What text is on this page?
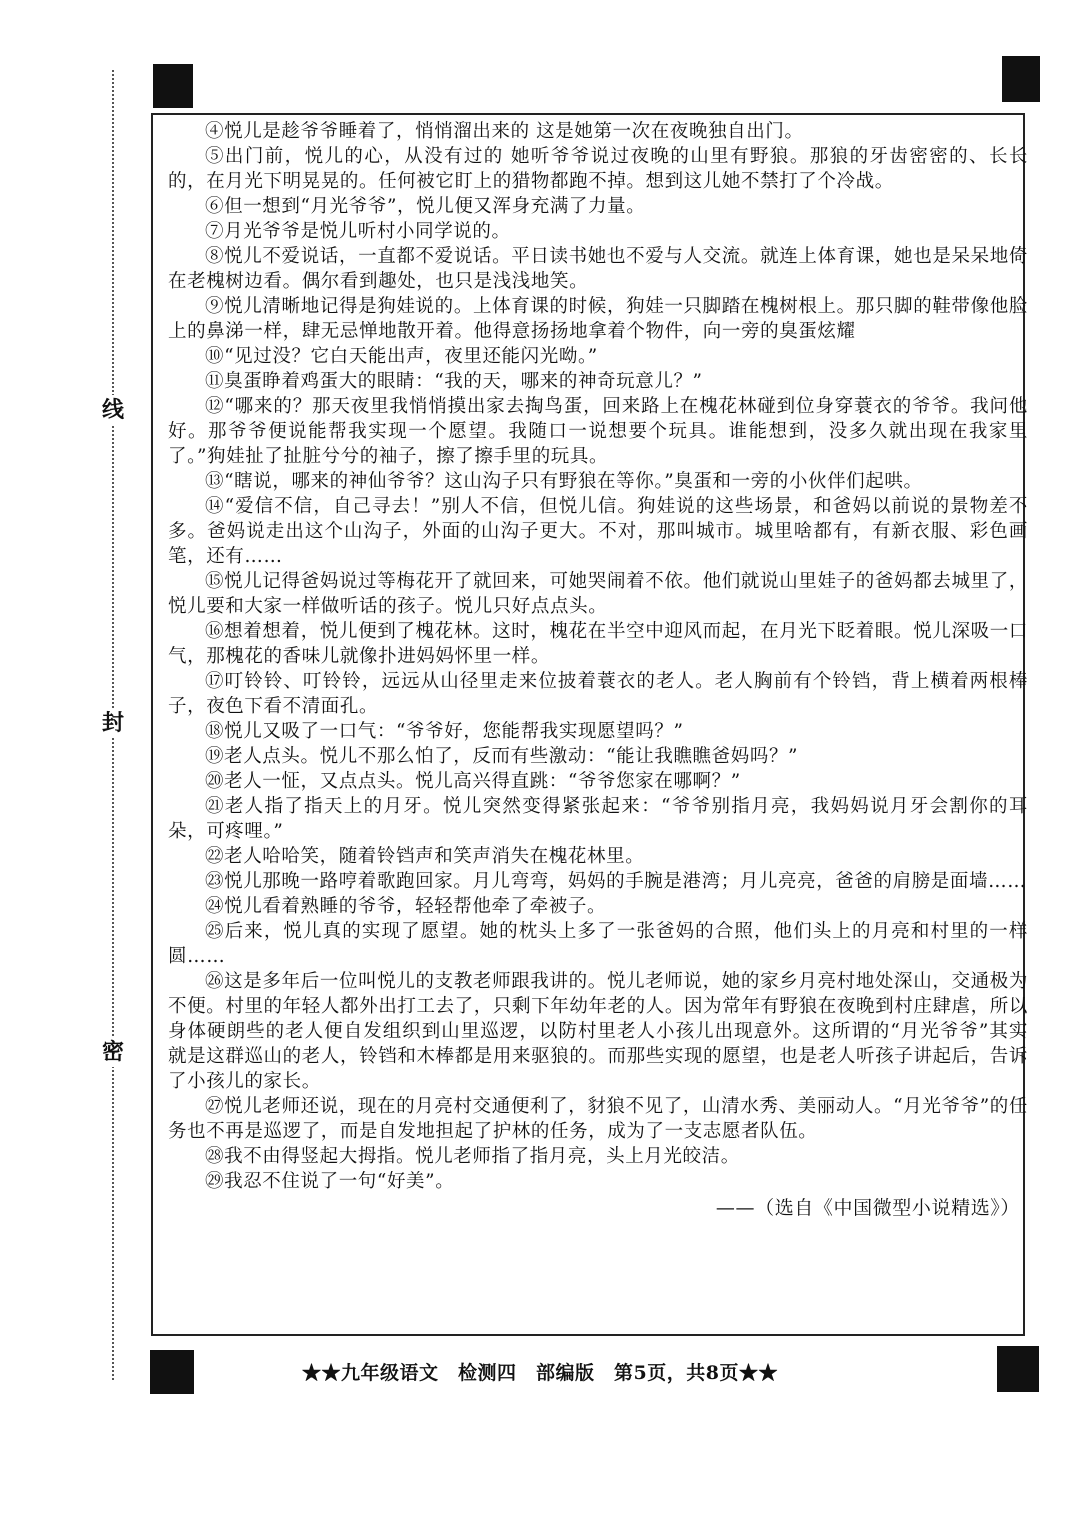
线
封
密

④悦儿是趁爷爷睡着了，悄悄溜出来的 这是她第一次在夜晚独自出门。

⑤出门前，悦儿的心，从没有过的 她听爷爷说过夜晚的山里有野狼。那狼的牙齿密密的、长长的，在月光下明晃晃的。任何被它盯上的猎物都跑不掉。想到这儿她不禁打了个冷战。

⑥但一想到“月光爷爷”，悦儿便又浑身充满了力量。

⑦月光爷爷是悦儿听村小同学说的。

⑧悦儿不爱说话，一直都不爱说话。平日读书她也不爱与人交流。就连上体育课，她也是呆呆地倚在老槐树边看。偶尔看到趣处，也只是浅浅地笑。

⑨悦儿清晰地记得是狗娃说的。上体育课的时候，狗娃一只脚踏在槐树根上。那只脚的鞋带像他脸上的鼻涕一样，肆无忌惮地散开着。他得意扬扬地拿着个物件，向一旁的臭蛋炫耀

⑩“见过没？它白天能出声，夜里还能闪光呦。”

⑪臭蛋睁着鸡蛋大的眼睛：“我的天，哪来的神奇玩意儿？”

⑫“哪来的？那天夜里我悄悄摸出家去掏鸟蛋，回来路上在槐花林碰到位身穿蓑衣的爷爷。我问他好。那爷爷便说能帮我实现一个愿望。我随口一说想要个玩具。谁能想到，没多久就出现在我家里了。”狗娃扯了扯脏兮兮的袖子，擦了擦手里的玩具。

⑬“瞎说，哪来的神仙爷爷？这山沟子只有野狼在等你。”臭蛋和一旁的小伙伴们起哄。

⑭“爱信不信，自己寻去！”别人不信，但悦儿信。狗娃说的这些场景，和爸妈以前说的景物差不多。爸妈说走出这个山沟子，外面的山沟子更大。不对，那叫城市。城里啥都有，有新衣服、彩色画笔，还有……

⑮悦儿记得爸妈说过等梅花开了就回来，可她哭闹着不依。他们就说山里娃子的爸妈都去城里了，悦儿要和大家一样做听话的孩子。悦儿只好点点头。

⑯想着想着，悦儿便到了槐花林。这时，槐花在半空中迎风而起，在月光下眨着眼。悦儿深吸一口气，那槐花的香味儿就像扑进妈妈怀里一样。

⑰叮铃铃、叮铃铃，远远从山径里走来位披着蓑衣的老人。老人胸前有个铃铛，背上横着两根棒子，夜色下看不清面孔。

⑱悦儿又吸了一口气：“爷爷好，您能帮我实现愿望吗？”

⑲老人点头。悦儿不那么怕了，反而有些激动：“能让我瞧瞧爸妈吗？”

⑳老人一怔，又点点头。悦儿高兴得直跳：“爷爷您家在哪啊？”

㉑老人指了指天上的月牙。悦儿突然变得紧张起来：“爷爷别指月亮，我妈妈说月牙会割你的耳朵，可疼哩。”

㉒老人哈哈笑，随着铃铛声和笑声消失在槐花林里。

㉓悦儿那晚一路哼着歌跑回家。月儿弯弯，妈妈的手腕是港湾；月儿亮亮，爸爸的肩膀是面墙……

㉔悦儿看着熟睡的爷爷，轻轻帮他牵了牵被子。

㉕后来，悦儿真的实现了愿望。她的枕头上多了一张爸妈的合照，他们头上的月亮和村里的一样圆……

㉖这是多年后一位叫悦儿的支教老师跟我讲的。悦儿老师说，她的家乡月亮村地处深山，交通极为不便。村里的年轻人都外出打工去了，只剩下年幼年老的人。因为常年有野狼在夜晚到村庄肆虐，所以身体硬朗些的老人便自发组织到山里巡逻，以防村里老人小孩儿出现意外。这所谓的“月光爷爷”其实就是这群巡山的老人，铃铛和木棒都是用来驱狼的。而那些实现的愿望，也是老人听孩子讲起后，告诉了小孩儿的家长。

㉗悦儿老师还说，现在的月亮村交通便利了，豺狼不见了，山清水秀、美丽动人。“月光爷爷”的任务也不再是巡逻了，而是自发地担起了护林的任务，成为了一支志愿者队伍。

㉘我不由得竖起大拇指。悦儿老师指了指月亮，头上月光皎洁。

㉙我忍不住说了一句“好美”。

——（选自《中国微型小说精选》）

★★九年级语文　检测四　部编版　第5页，共8页★★
